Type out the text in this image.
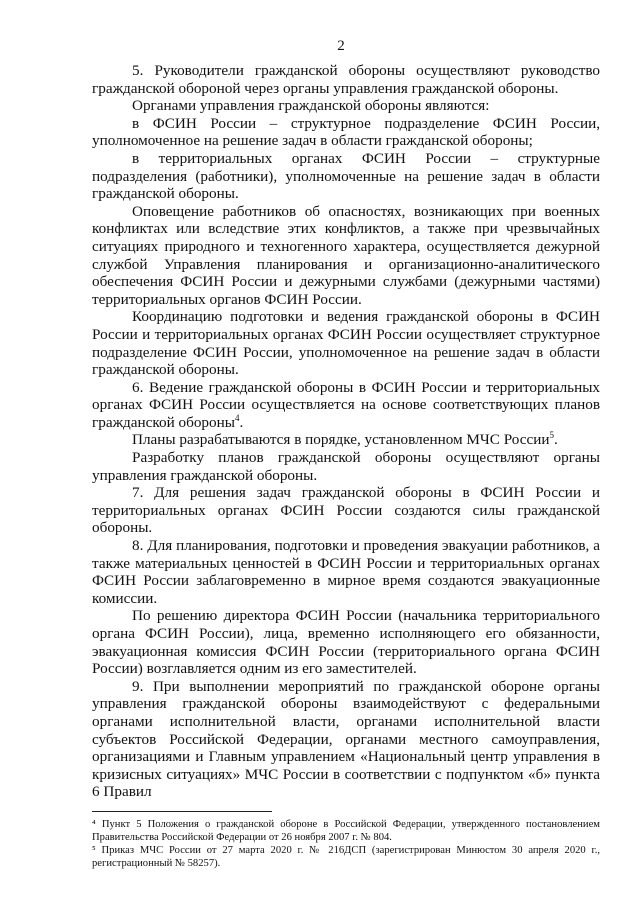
2

5. Руководители гражданской обороны осуществляют руководство гражданской обороной через органы управления гражданской обороны.

Органами управления гражданской обороны являются:

в ФСИН России – структурное подразделение ФСИН России, уполномоченное на решение задач в области гражданской обороны;

в территориальных органах ФСИН России – структурные подразделения (работники), уполномоченные на решение задач в области гражданской обороны.

Оповещение работников об опасностях, возникающих при военных конфликтах или вследствие этих конфликтов, а также при чрезвычайных ситуациях природного и техногенного характера, осуществляется дежурной службой Управления планирования и организационно-аналитического обеспечения ФСИН России и дежурными службами (дежурными частями) территориальных органов ФСИН России.

Координацию подготовки и ведения гражданской обороны в ФСИН России и территориальных органах ФСИН России осуществляет структурное подразделение ФСИН России, уполномоченное на решение задач в области гражданской обороны.

6. Ведение гражданской обороны в ФСИН России и территориальных органах ФСИН России осуществляется на основе соответствующих планов гражданской обороны$^4$.

Планы разрабатываются в порядке, установленном МЧС России$^5$.

Разработку планов гражданской обороны осуществляют органы управления гражданской обороны.

7. Для решения задач гражданской обороны в ФСИН России и территориальных органах ФСИН России создаются силы гражданской обороны.

8. Для планирования, подготовки и проведения эвакуации работников, а также материальных ценностей в ФСИН России и территориальных органах ФСИН России заблаговременно в мирное время создаются эвакуационные комиссии.

По решению директора ФСИН России (начальника территориального органа ФСИН России), лица, временно исполняющего его обязанности, эвакуационная комиссия ФСИН России (территориального органа ФСИН России) возглавляется одним из его заместителей.

9. При выполнении мероприятий по гражданской обороне органы управления гражданской обороны взаимодействуют с федеральными органами исполнительной власти, органами исполнительной власти субъектов Российской Федерации, органами местного самоуправления, организациями и Главным управлением «Национальный центр управления в кризисных ситуациях» МЧС России в соответствии с подпунктом «б» пункта 6 Правил

⁴ Пункт 5 Положения о гражданской обороне в Российской Федерации, утвержденного постановлением Правительства Российской Федерации от 26 ноября 2007 г. № 804.

⁵ Приказ МЧС России от 27 марта 2020 г. № 216ДСП (зарегистрирован Минюстом 30 апреля 2020 г., регистрационный № 58257).
